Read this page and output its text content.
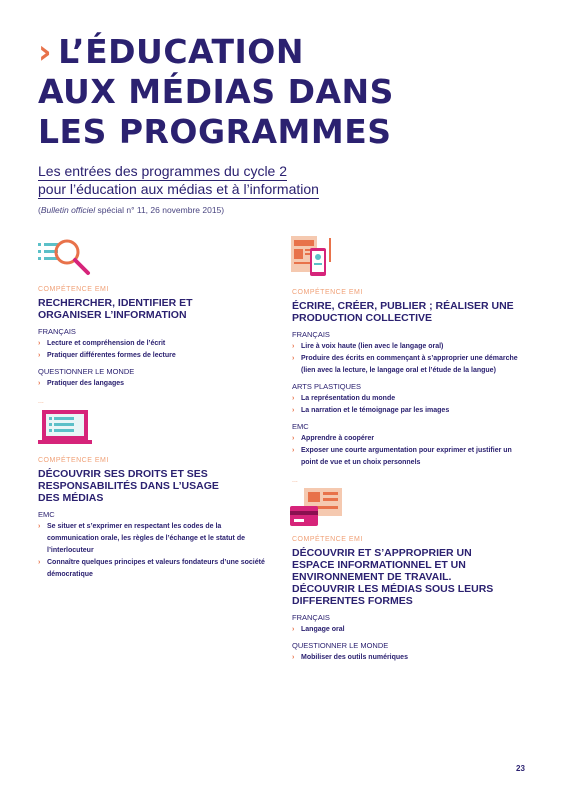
› L’ÉDUCATION
AUX MÉDIAS DANS
LES PROGRAMMES
Les entrées des programmes du cycle 2
pour l’éducation aux médias et à l’information
(Bulletin officiel spécial n° 11, 26 novembre 2015)
COMPÉTENCE EMI
RECHERCHER, IDENTIFIER ET ORGANISER L’INFORMATION
FRANÇAIS
› Lecture et compréhension de l’écrit
› Pratiquer différentes formes de lecture
QUESTIONNER LE MONDE
› Pratiquer des langages
...
COMPÉTENCE EMI
DÉCOUVRIR SES DROITS ET SES RESPONSABILITÉS DANS L’USAGE DES MÉDIAS
EMC
› Se situer et s’exprimer en respectant les codes de la communication orale, les règles de l’échange et le statut de l’interlocuteur
› Connaître quelques principes et valeurs fondateurs d’une société démocratique
COMPÉTENCE EMI
ÉCRIRE, CRÉER, PUBLIER ; RÉALISER UNE PRODUCTION COLLECTIVE
FRANÇAIS
› Lire à voix haute (lien avec le langage oral)
› Produire des écrits en commençant à s’approprier une démarche (lien avec la lecture, le langage oral et l’étude de la langue)
ARTS PLASTIQUES
› La représentation du monde
› La narration et le témoignage par les images
EMC
› Apprendre à coopérer
› Exposer une courte argumentation pour exprimer et justifier un point de vue et un choix personnels
...
COMPÉTENCE EMI
DÉCOUVRIR ET S’APPROPRIER UN ESPACE INFORMATIONNEL ET UN ENVIRONNEMENT DE TRAVAIL. DÉCOUVRIR LES MÉDIAS SOUS LEURS DIFFERENTES FORMES
FRANÇAIS
› Langage oral
QUESTIONNER LE MONDE
› Mobiliser des outils numériques
23
